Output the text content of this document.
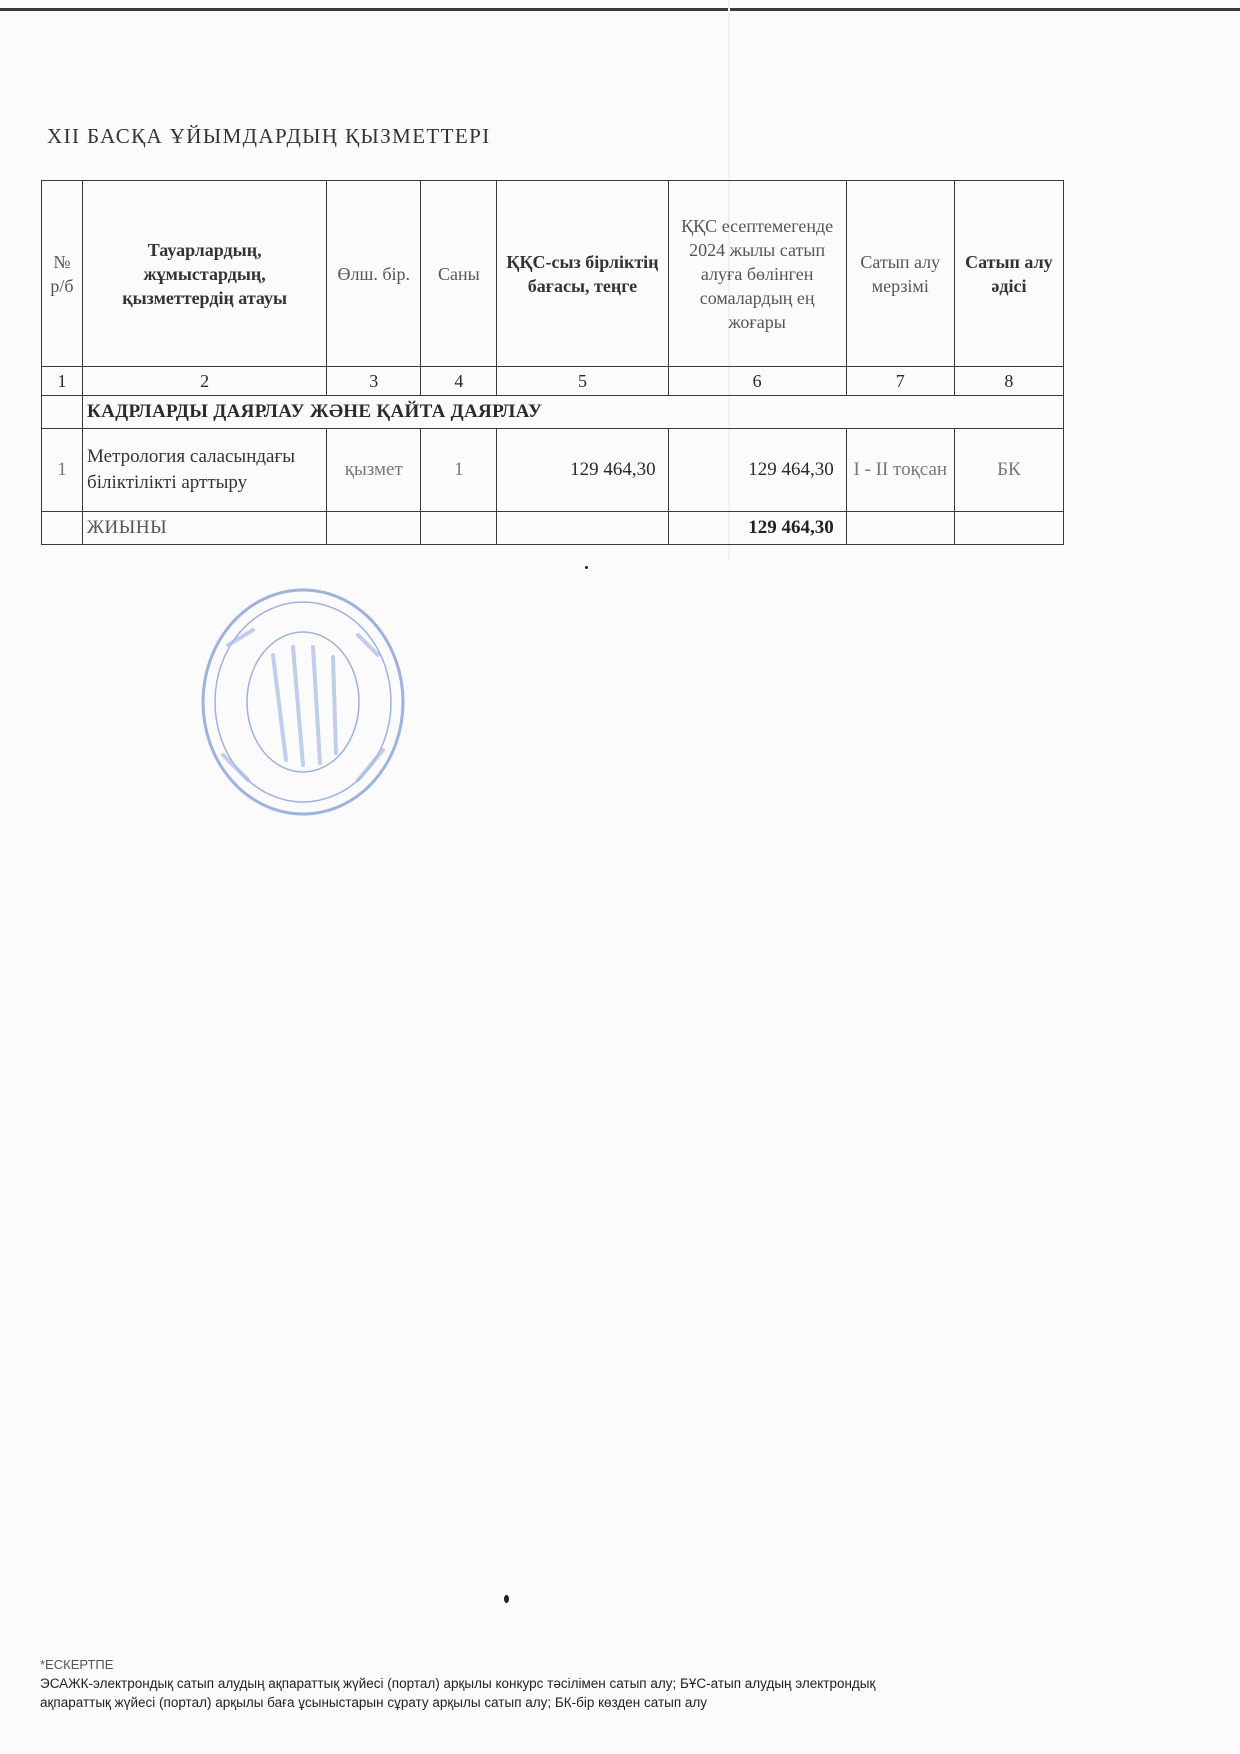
XII БАСҚА ҰЙЫМДАРДЫҢ ҚЫЗМЕТТЕРІ
№ р/б	Тауарлардың, жұмыстардың, қызметтердің атауы	Өлш. бір.	Саны	ҚҚС-сыз бірліктің бағасы, теңге	ҚҚС есептемегенде 2024 жылы сатып алуға бөлінген сомалардың ең жоғары	Сатып алу мерзімі	Сатып алу әдісі
1	2	3	4	5	6	7	8
	КАДРЛАРДЫ ДАЯРЛАУ ЖӘНЕ ҚАЙТА ДАЯРЛАУ						
1	Метрология саласындағы біліктілікті арттыру	қызмет	1	129 464,30	129 464,30	I - II тоқсан	БК
	ЖИЫНЫ				129 464,30		
*ЕСКЕРТПЕ
ЭСАЖК-электрондық сатып алудың ақпараттық жүйесі (портал) арқылы конкурс тәсілімен сатып алу; БҰС-атып алудың электрондық
ақпараттық жүйесі (портал) арқылы баға ұсыныстарын сұрату арқылы сатып алу; БК-бір көзден сатып алу
